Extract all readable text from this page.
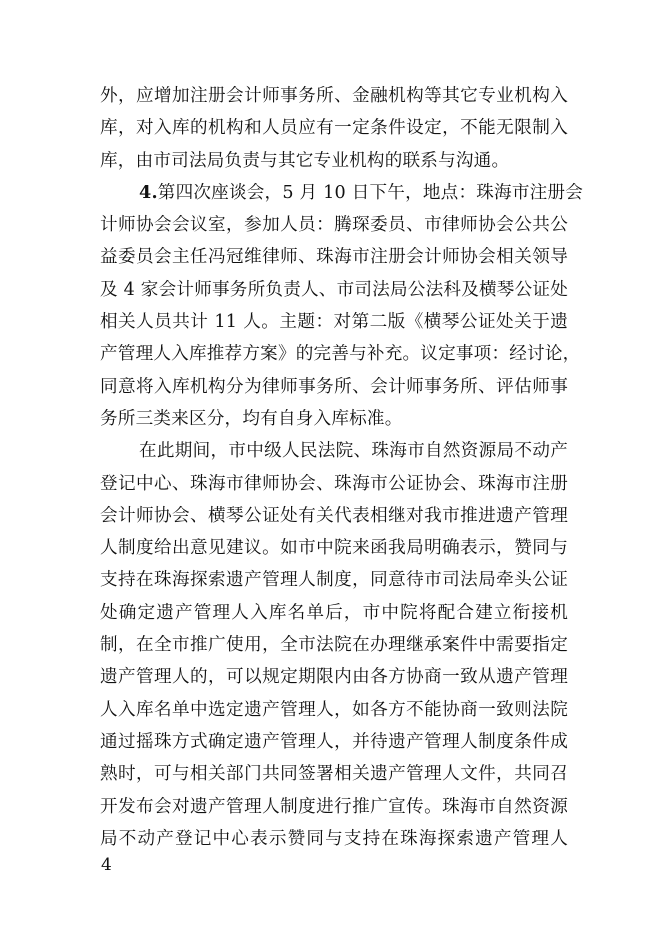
外，应增加注册会计师事务所、金融机构等其它专业机构入
库，对入库的机构和人员应有一定条件设定，不能无限制入
库，由市司法局负责与其它专业机构的联系与沟通。
4.第四次座谈会，5 月 10 日下午，地点：珠海市注册会
计师协会会议室，参加人员：腾琛委员、市律师协会公共公
益委员会主任冯冠维律师、珠海市注册会计师协会相关领导
及 4 家会计师事务所负责人、市司法局公法科及横琴公证处
相关人员共计 11 人。主题：对第二版《横琴公证处关于遗
产管理人入库推荐方案》的完善与补充。议定事项：经讨论，
同意将入库机构分为律师事务所、会计师事务所、评估师事
务所三类来区分，均有自身入库标准。
在此期间，市中级人民法院、珠海市自然资源局不动产
登记中心、珠海市律师协会、珠海市公证协会、珠海市注册
会计师协会、横琴公证处有关代表相继对我市推进遗产管理
人制度给出意见建议。如市中院来函我局明确表示，赞同与
支持在珠海探索遗产管理人制度，同意待市司法局牵头公证
处确定遗产管理人入库名单后，市中院将配合建立衔接机
制，在全市推广使用，全市法院在办理继承案件中需要指定
遗产管理人的，可以规定期限内由各方协商一致从遗产管理
人入库名单中选定遗产管理人，如各方不能协商一致则法院
通过摇珠方式确定遗产管理人，并待遗产管理人制度条件成
熟时，可与相关部门共同签署相关遗产管理人文件，共同召
开发布会对遗产管理人制度进行推广宣传。珠海市自然资源
局不动产登记中心表示赞同与支持在珠海探索遗产管理人
4
